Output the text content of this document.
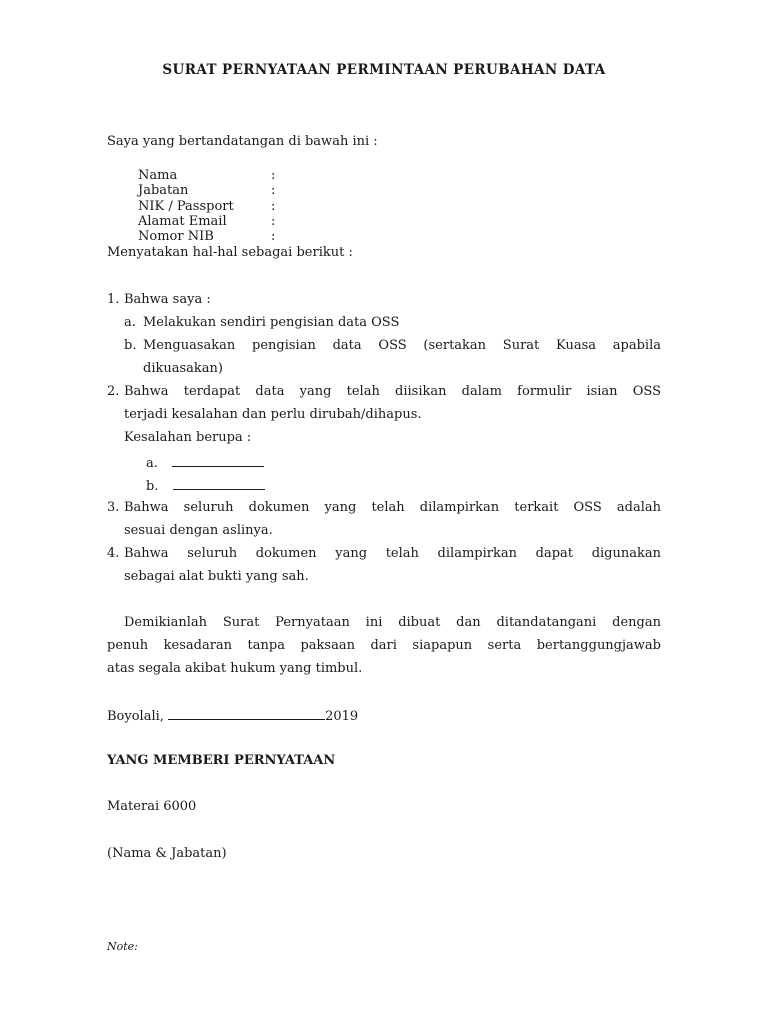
SURAT PERNYATAAN PERMINTAAN PERUBAHAN DATA
Saya yang bertandatangan di bawah ini :
Nama	:
Jabatan	:
NIK / Passport	:
Alamat Email	:
Nomor NIB	:
Menyatakan hal-hal sebagai berikut :
1. Bahwa saya :
a. Melakukan sendiri pengisian data OSS
b. Menguasakan pengisian data OSS (sertakan Surat Kuasa apabila
dikuasakan)
2. Bahwa terdapat data yang telah diisikan dalam formulir isian OSS
terjadi kesalahan dan perlu dirubah/dihapus.
Kesalahan berupa :
a.
b.
3. Bahwa seluruh dokumen yang telah dilampirkan terkait OSS adalah
sesuai dengan aslinya.
4. Bahwa seluruh dokumen yang telah dilampirkan dapat digunakan
sebagai alat bukti yang sah.
Demikianlah Surat Pernyataan ini dibuat dan ditandatangani dengan
penuh kesadaran tanpa paksaan dari siapapun serta bertanggungjawab
atas segala akibat hukum yang timbul.
Boyolali,	2019
YANG MEMBERI PERNYATAAN
Materai 6000
(Nama & Jabatan)
Note:
